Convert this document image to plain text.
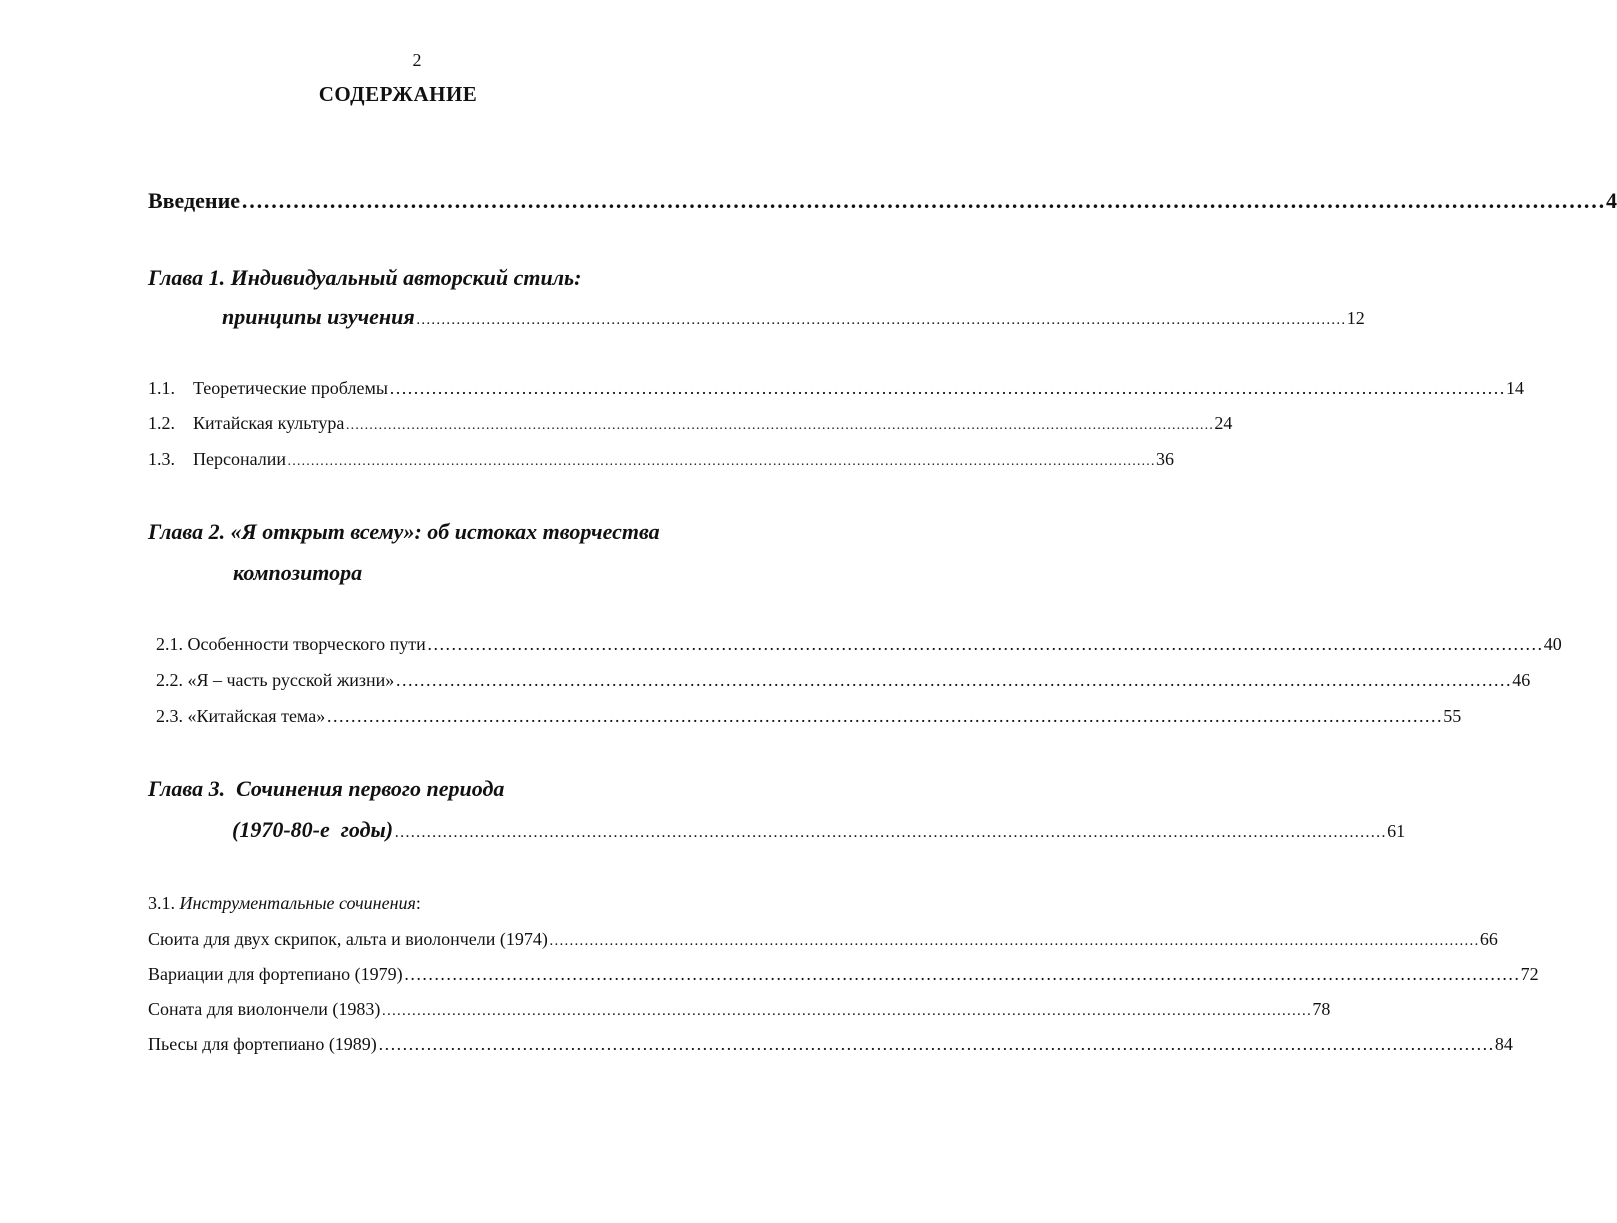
2
СОДЕРЖАНИЕ
Введение …………………………………………………………………………………………………………………………………………………………………… 4
Глава 1. Индивидуальный авторский стиль:
принципы изучения …………………………………………………………………………………………………………………………………………………………………… 12
1.1. Теоретические проблемы …………………………………………………………………………………………………………………………………………………………………… 14
1.2. Китайская культура …………………………………………………………………………………………………………………………………………………………………… 24
1.3. Персоналии …………………………………………………………………………………………………………………………………………………………………… 36
Глава 2. «Я открыт всему»: об истоках творчества
композитора
2.1. Особенности творческого пути …………………………………………………………………………………………………………………………………………………………………… 40
2.2. «Я – часть русской жизни» …………………………………………………………………………………………………………………………………………………………………… 46
2.3. «Китайская тема» …………………………………………………………………………………………………………………………………………………………………… 55
Глава 3.  Сочинения первого периода
(1970-80-е  годы) …………………………………………………………………………………………………………………………………………………………………… 61
3.1. Инструментальные сочинения:
Сюита для двух скрипок, альта и виолончели (1974) …………………………………………………………………………………………………………………………………………………………………… 66
Вариации для фортепиано (1979) …………………………………………………………………………………………………………………………………………………………………… 72
Соната для виолончели (1983) …………………………………………………………………………………………………………………………………………………………………… 78
Пьесы для фортепиано (1989) …………………………………………………………………………………………………………………………………………………………………… 84
